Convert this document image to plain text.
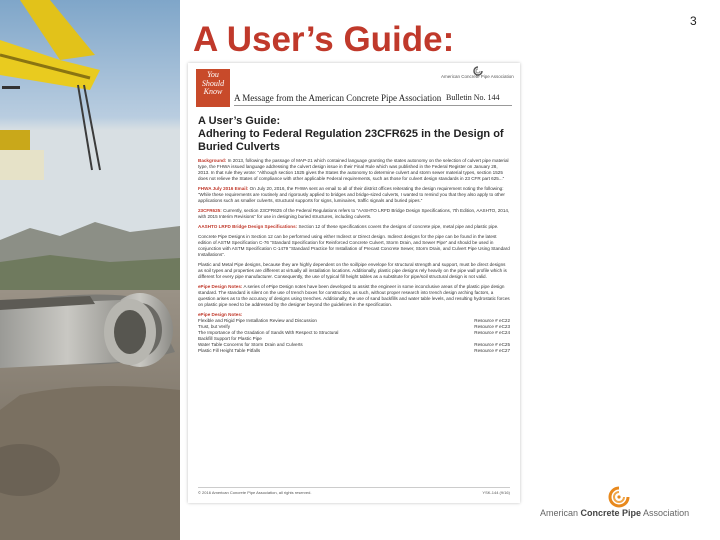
A User’s Guide:	3
You
Should
Know
American Concrete Pipe Association
A Message from the American Concrete Pipe Association Bulletin No. 144
A User’s Guide:
Adhering to Federal Regulation 23CFR625 in the Design of Buried Culverts

Background: In 2013, following the passage of MAP-21 which contained language granting the states autonomy on the selection of culvert pipe material type, the FHWA issued language addressing the culvert design issue in their Final Rule which was published in the Federal Register on January 28, 2013. In that rule they wrote: “Although section 1525 gives the States the autonomy to determine culvert and storm sewer material types, section 1525 does not relieve the States of compliance with other applicable Federal requirements, such as those for culvert design standards in 23 CFR part 625...”

FHWA July 2016 Email: On July 20, 2016, the FHWA sent an email to all of their district offices reiterating the design requirement noting the following: “While these requirements are routinely and rigorously applied to bridges and bridge-sized culverts, I wanted to remind you that they also apply to other applications such as smaller culverts, structural supports for signs, luminaires, traffic signals and buried pipes.”

23CFR625: Currently, section 23CFR625 of the Federal Regulations refers to “AASHTO LRFD Bridge Design Specifications, 7th Edition, AASHTO, 2014, with 2015 Interim Revisions” for use in designing buried structures, including culverts.

AASHTO LRFD Bridge Design Specifications: Section 12 of these specifications covers the designs of concrete pipe, metal pipe and plastic pipe.

Concrete Pipe Designs in Section 12 can be performed using either Indirect or Direct design. Indirect designs for the pipe can be found in the latest edition of ASTM Specification C-76 “Standard Specification for Reinforced Concrete Culvert, Storm Drain, and Sewer Pipe” and should be used in conjunction with ASTM Specification C-1479 “Standard Practice for Installation of Precast Concrete Sewer, Storm Drain, and Culvert Pipe Using Standard Installations”.

Plastic and Metal Pipe designs, because they are highly dependent on the soil/pipe envelope for structural strength and support, must be direct designs as soil types and properties are different at virtually all installation locations. Additionally, plastic pipe designs rely heavily on the pipe wall profile which is different for every pipe manufacturer. Consequently, the use of typical fill height tables as a substitute for pipe/soil structural design is not valid.

ePipe Design Notes: A series of ePipe Design notes have been developed to assist the engineer in some inconclusive areas of the plastic pipe design standard. The standard is silent on the use of trench boxes for construction, as such, without proper research into trench design arching factors, a question arises as to the accuracy of designs using trenches. Additionally, the use of sand backfills and water table levels, and resulting hydrostatic forces on plastic pipe need to be addressed by the designer beyond the guidelines in the specification.

ePipe Design Notes:
Flexible and Rigid Pipe Installation Review and Discussion	Resource # eC22
Trust, but Verify	Resource # eC23
The Importance of the Gradation of Sands With Respect to Structural	Resource # eC24
Backfill Support for Plastic Pipe
Water Table Concerns for Storm Drain and Culverts	Resource # eC25
Plastic Fill Height Table Pitfalls	Resource # eC27
© 2016 American Concrete Pipe Association, all rights reserved.	YSK-144 (9/16)
American Concrete Pipe Association
